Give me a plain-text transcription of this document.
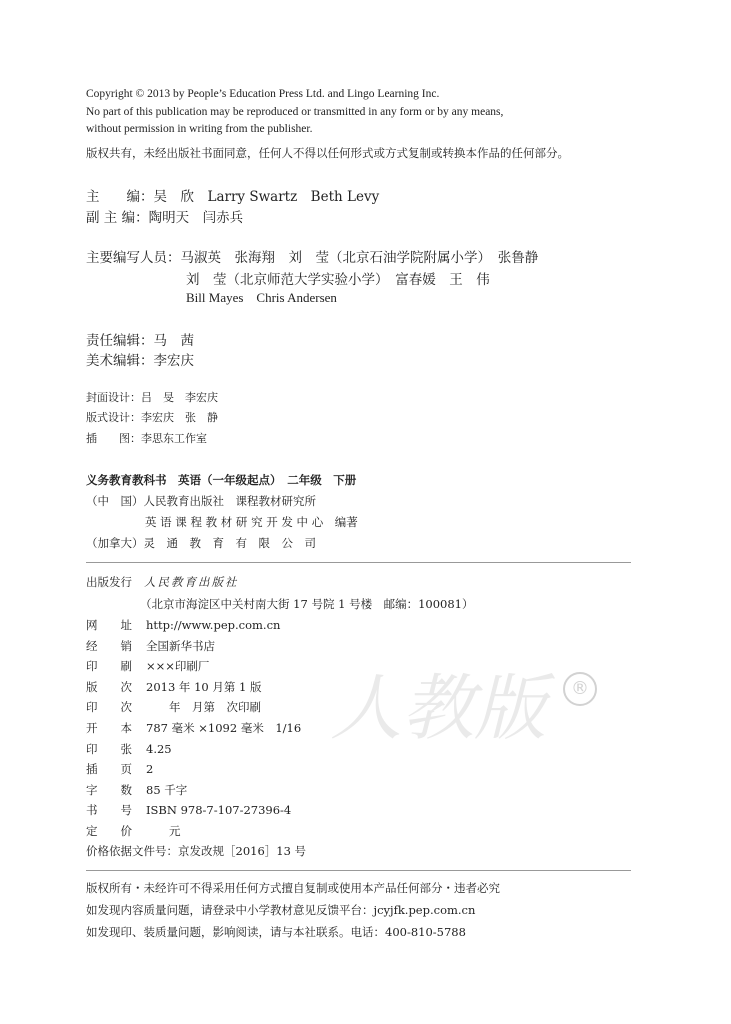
Copyright © 2013 by People’s Education Press Ltd. and Lingo Learning Inc.
No part of this publication may be reproduced or transmitted in any form or by any means,
without permission in writing from the publisher.
版权共有，未经出版社书面同意，任何人不得以任何形式或方式复制或转换本作品的任何部分。
主　　编：吴　欣　Larry Swartz　Beth Levy
副 主 编：陶明天　闫赤兵
主要编写人员：马淑英　张海翔　刘　莹（北京石油学院附属小学）　张鲁静
刘　莹（北京师范大学实验小学）　富春媛　王　伟
Bill Mayes　Chris Andersen
责任编辑：马　茜
美术编辑：李宏庆
封面设计：吕　旻　李宏庆
版式设计：李宏庆　张　静
插　　图：李思东工作室
义务教育教科书　英语（一年级起点）　二年级　下册
（中　国）人民教育出版社　课程教材研究所
英 语 课 程 教 材 研 究 开 发 中 心　编著
（加拿大）灵　通　教　育　有　限　公　司
人教版	®
出版发行 人民教育出版社
（北京市海淀区中关村南大街 17 号院 1 号楼　邮编：100081）
网　　址 http://www.pep.com.cn
经　　销 全国新华书店
印　　刷 ×××印刷厂
版　　次 2013 年 10 月第 1 版
印　　次　　年　月第　次印刷
开　　本 787 毫米 ×1092 毫米　1/16
印　　张 4.25
插　　页 2
字　　数 85 千字
书　　号 ISBN 978-7-107-27396-4
定　　价　　元
价格依据文件号：京发改规［2016］13 号
版权所有・未经许可不得采用任何方式擅自复制或使用本产品任何部分・违者必究
如发现内容质量问题，请登录中小学教材意见反馈平台：jcyjfk.pep.com.cn
如发现印、装质量问题，影响阅读，请与本社联系。电话：400-810-5788
